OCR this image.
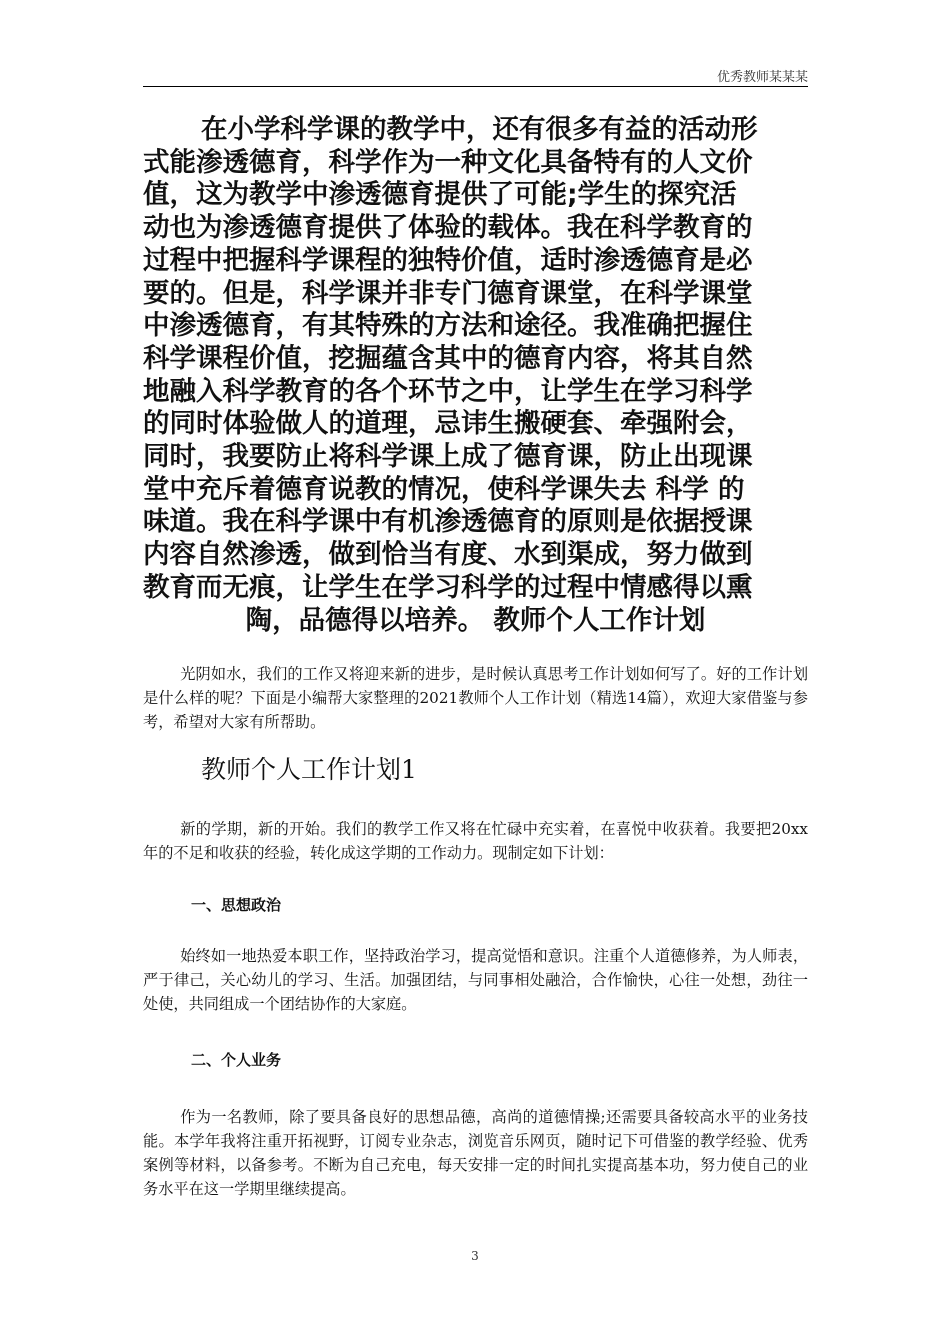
优秀教师某某某
在小学科学课的教学中，还有很多有益的活动形
式能渗透德育，科学作为一种文化具备特有的人文价
值，这为教学中渗透德育提供了可能;学生的探究活
动也为渗透德育提供了体验的载体。我在科学教育的
过程中把握科学课程的独特价值，适时渗透德育是必
要的。但是，科学课并非专门德育课堂，在科学课堂
中渗透德育，有其特殊的方法和途径。我准确把握住
科学课程价值，挖掘蕴含其中的德育内容，将其自然
地融入科学教育的各个环节之中，让学生在学习科学
的同时体验做人的道理，忌讳生搬硬套、牵强附会，
同时，我要防止将科学课上成了德育课，防止出现课
堂中充斥着德育说教的情况，使科学课失去 科学 的
味道。我在科学课中有机渗透德育的原则是依据授课
内容自然渗透，做到恰当有度、水到渠成，努力做到
教育而无痕，让学生在学习科学的过程中情感得以熏
陶，品德得以培养。 教师个人工作计划

光阴如水，我们的工作又将迎来新的进步，是时候认真思考工作计划如何写了。好的工作计划是什么样的呢？下面是小编帮大家整理的2021教师个人工作计划（精选14篇），欢迎大家借鉴与参考，希望对大家有所帮助。

教师个人工作计划1

新的学期，新的开始。我们的教学工作又将在忙碌中充实着，在喜悦中收获着。我要把20xx年的不足和收获的经验，转化成这学期的工作动力。现制定如下计划：

一、思想政治

始终如一地热爱本职工作，坚持政治学习，提高觉悟和意识。注重个人道德修养，为人师表，严于律己，关心幼儿的学习、生活。加强团结，与同事相处融洽，合作愉快，心往一处想，劲往一处使，共同组成一个团结协作的大家庭。

二、个人业务

作为一名教师，除了要具备良好的思想品德，高尚的道德情操;还需要具备较高水平的业务技能。本学年我将注重开拓视野，订阅专业杂志，浏览音乐网页，随时记下可借鉴的教学经验、优秀案例等材料，以备参考。不断为自己充电，每天安排一定的时间扎实提高基本功，努力使自己的业务水平在这一学期里继续提高。

3
